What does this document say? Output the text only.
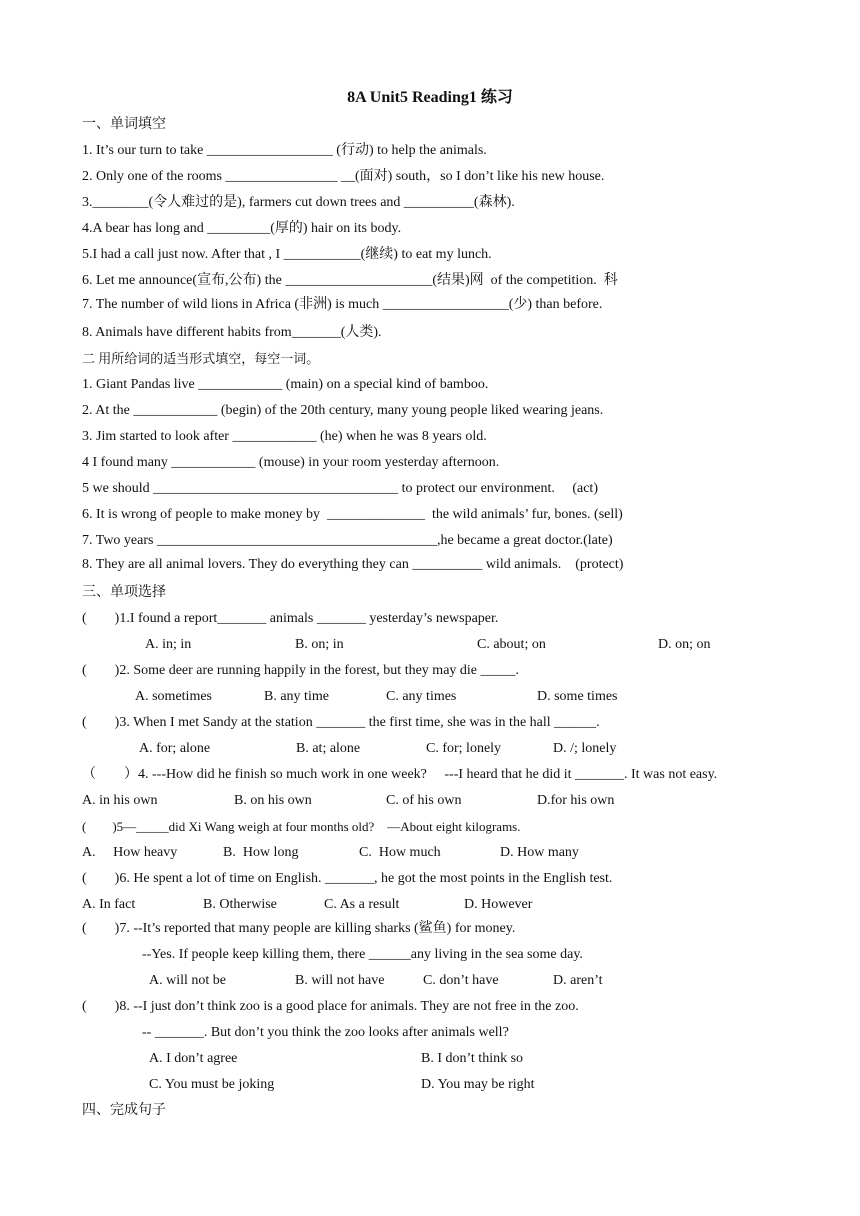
8A Unit5 Reading1 练习
一、单词填空
1. It’s our turn to take __________________ (行动) to help the animals.
2. Only one of the rooms ________________ __(面对) south，so I don’t like his new house.
3.________(令人难过的是), farmers cut down trees and __________(森林).
4.A bear has long and _________(厚的) hair on its body.
5.I had a call just now. After that , I ___________(继续) to eat my lunch.
6. Let me announce(宣布,公布) the _____________________(结果)网  of the competition.  科
7. The number of wild lions in Africa (非洲) is much __________________(少) than before.
8. Animals have different habits from_______(人类).
二 用所给词的适当形式填空，每空一词。
1. Giant Pandas live ____________ (main) on a special kind of bamboo.
2. At the ____________ (begin) of the 20th century, many young people liked wearing jeans.
3. Jim started to look after ____________ (he) when he was 8 years old.
4 I found many ____________ (mouse) in your room yesterday afternoon.
5 we should ___________________________________ to protect our environment.     (act)
6. It is wrong of people to make money by  ______________  the wild animals’ fur, bones. (sell)
7. Two years ________________________________________,he became a great doctor.(late)
8. They are all animal lovers. They do everything they can __________ wild animals.    (protect)
三、单项选择
(        )1.I found a report_______ animals _______ yesterday’s newspaper.
A. in; in	B. on; in	C. about; on	D. on; on
(        )2. Some deer are running happily in the forest, but they may die _____.
A. sometimes	B. any time	C. any times	D. some times
(        )3. When I met Sandy at the station _______ the first time, she was in the hall ______.
A. for; alone	B. at; alone	C. for; lonely	D. /; lonely
（        ）4. ---How did he finish so much work in one week?     ---I heard that he did it _______. It was not easy.
A. in his own	B. on his own	C. of his own	D.for his own
(        )5—_____did Xi Wang weigh at four months old?    —About eight kilograms.
A.     How heavy	B.  How long	C.  How much	D. How many
(        )6. He spent a lot of time on English. _______, he got the most points in the English test.
A. In fact	B. Otherwise	C. As a result	D. However
(        )7. --It’s reported that many people are killing sharks (鲨鱼) for money.
--Yes. If people keep killing them, there ______any living in the sea some day.
A. will not be	B. will not have	C. don’t have	D. aren’t
(        )8. --I just don’t think zoo is a good place for animals. They are not free in the zoo.
-- _______. But don’t you think the zoo looks after animals well?
A. I don’t agree	B. I don’t think so
C. You must be joking	D. You may be right
四、完成句子
